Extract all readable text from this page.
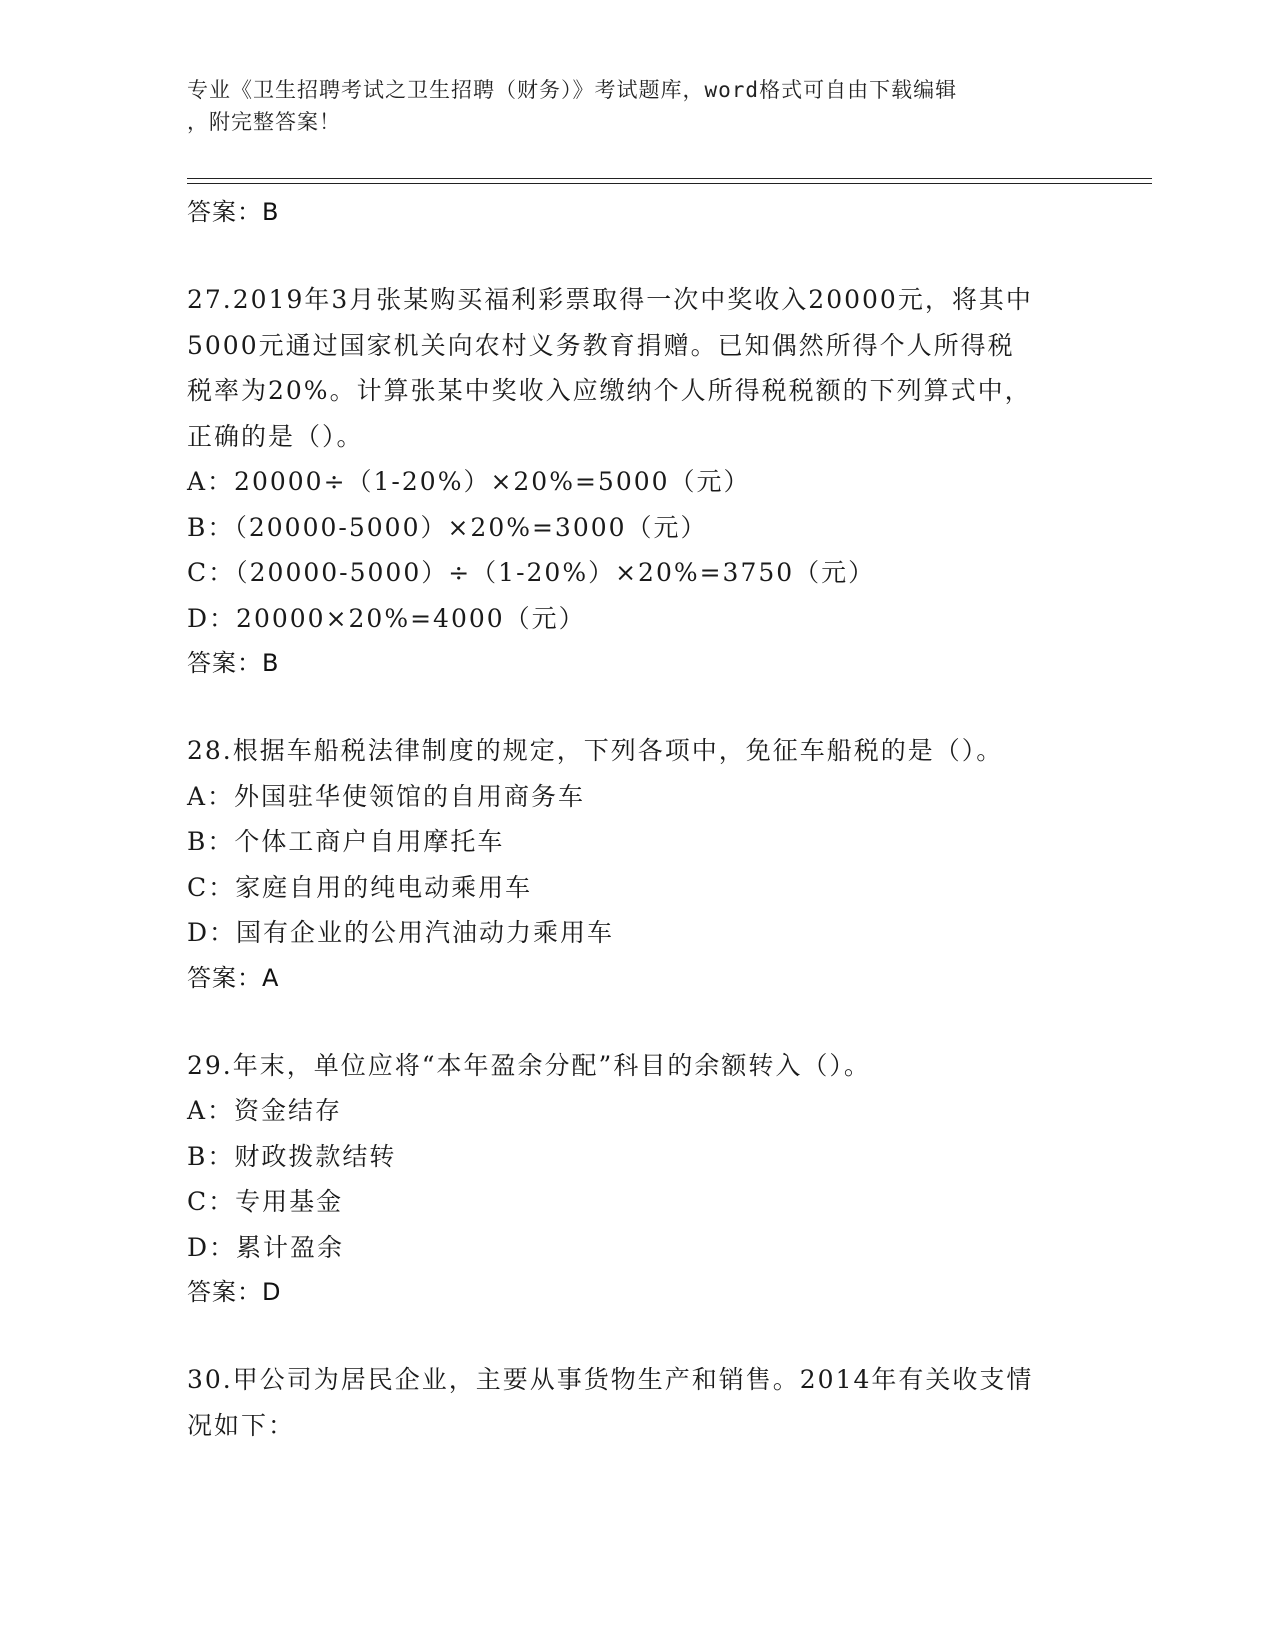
专业《卫生招聘考试之卫生招聘（财务）》考试题库，word格式可自由下载编辑
，附完整答案！
答案：B
27.2019年3月张某购买福利彩票取得一次中奖收入20000元，将其中
5000元通过国家机关向农村义务教育捐赠。已知偶然所得个人所得税
税率为20%。计算张某中奖收入应缴纳个人所得税税额的下列算式中，
正确的是（）。
A：20000÷（1-20%）×20%=5000（元）
B：（20000-5000）×20%=3000（元）
C：（20000-5000）÷（1-20%）×20%=3750（元）
D：20000×20%=4000（元）
答案：B
28.根据车船税法律制度的规定，下列各项中，免征车船税的是（）。
A：外国驻华使领馆的自用商务车
B：个体工商户自用摩托车
C：家庭自用的纯电动乘用车
D：国有企业的公用汽油动力乘用车
答案：A
29.年末，单位应将“本年盈余分配”科目的余额转入（）。
A：资金结存
B：财政拨款结转
C：专用基金
D：累计盈余
答案：D
30.甲公司为居民企业，主要从事货物生产和销售。2014年有关收支情
况如下：
